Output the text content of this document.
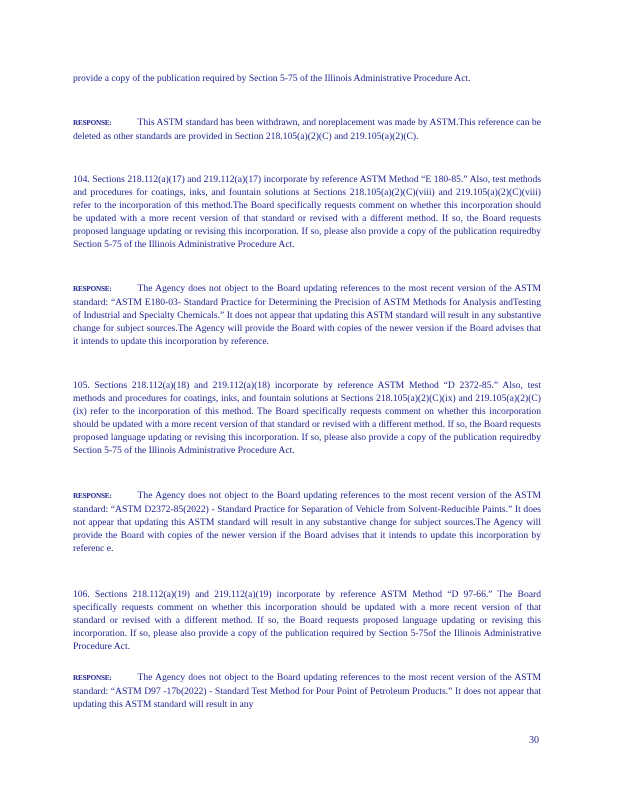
provide a copy of the publication required by Section 5-75 of the Illinois Administrative Procedure Act.

RESPONSE:	This ASTM standard has been withdrawn, and noreplacement was made by ASTM.This reference can be deleted as other standards are provided in Section 218.105(a)(2)(C) and 219.105(a)(2)(C).

104. Sections 218.112(a)(17) and 219.112(a)(17) incorporate by reference ASTM Method “E 180-85.” Also, test methods and procedures for coatings, inks, and fountain solutions at Sections 218.105(a)(2)(C)(viii) and 219.105(a)(2)(C)(viii) refer to the incorporation of this method.The Board specifically requests comment on whether this incorporation should be updated with a more recent version of that standard or revised with a different method. If so, the Board requests proposed language updating or revising this incorporation. If so, please also provide a copy of the publication requiredby Section 5-75 of the Illinois Administrative Procedure Act.

RESPONSE:	The Agency does not object to the Board updating references to the most recent version of the ASTM standard: “ASTM E180-03- Standard Practice for Determining the Precision of ASTM Methods for Analysis andTesting of Industrial and Specialty Chemicals.” It does not appear that updating this ASTM standard will result in any substantive change for subject sources.The Agency will provide the Board with copies of the newer version if the Board advises that it intends to update this incorporation by reference.

105. Sections 218.112(a)(18) and 219.112(a)(18) incorporate by reference ASTM Method “D 2372-85.” Also, test methods and procedures for coatings, inks, and fountain solutions at Sections 218.105(a)(2)(C)(ix) and 219.105(a)(2)(C)(ix) refer to the incorporation of this method. The Board specifically requests comment on whether this incorporation should be updated with a more recent version of that standard or revised with a different method. If so, the Board requests proposed language updating or revising this incorporation. If so, please also provide a copy of the publication requiredby Section 5-75 of the Illinois Administrative Procedure Act.

RESPONSE:	The Agency does not object to the Board updating references to the most recent version of the ASTM standard: “ASTM D2372-85(2022) - Standard Practice for Separation of Vehicle from Solvent-Reducible Paints.” It does not appear that updating this ASTM standard will result in any substantive change for subject sources.The Agency will provide the Board with copies of the newer version if the Board advises that it intends to update this incorporation by referenc e.

106. Sections 218.112(a)(19) and 219.112(a)(19) incorporate by reference ASTM Method “D 97-66.” The Board specifically requests comment on whether this incorporation should be updated with a more recent version of that standard or revised with a different method. If so, the Board requests proposed language updating or revising this incorporation. If so, please also provide a copy of the publication required by Section 5-75of the Illinois Administrative Procedure Act.

RESPONSE:	The Agency does not object to the Board updating references to the most recent version of the ASTM standard: “ASTM D97 -17b(2022) - Standard Test Method for Pour Point of Petroleum Products.” It does not appear that updating this ASTM standard will result in any

30
